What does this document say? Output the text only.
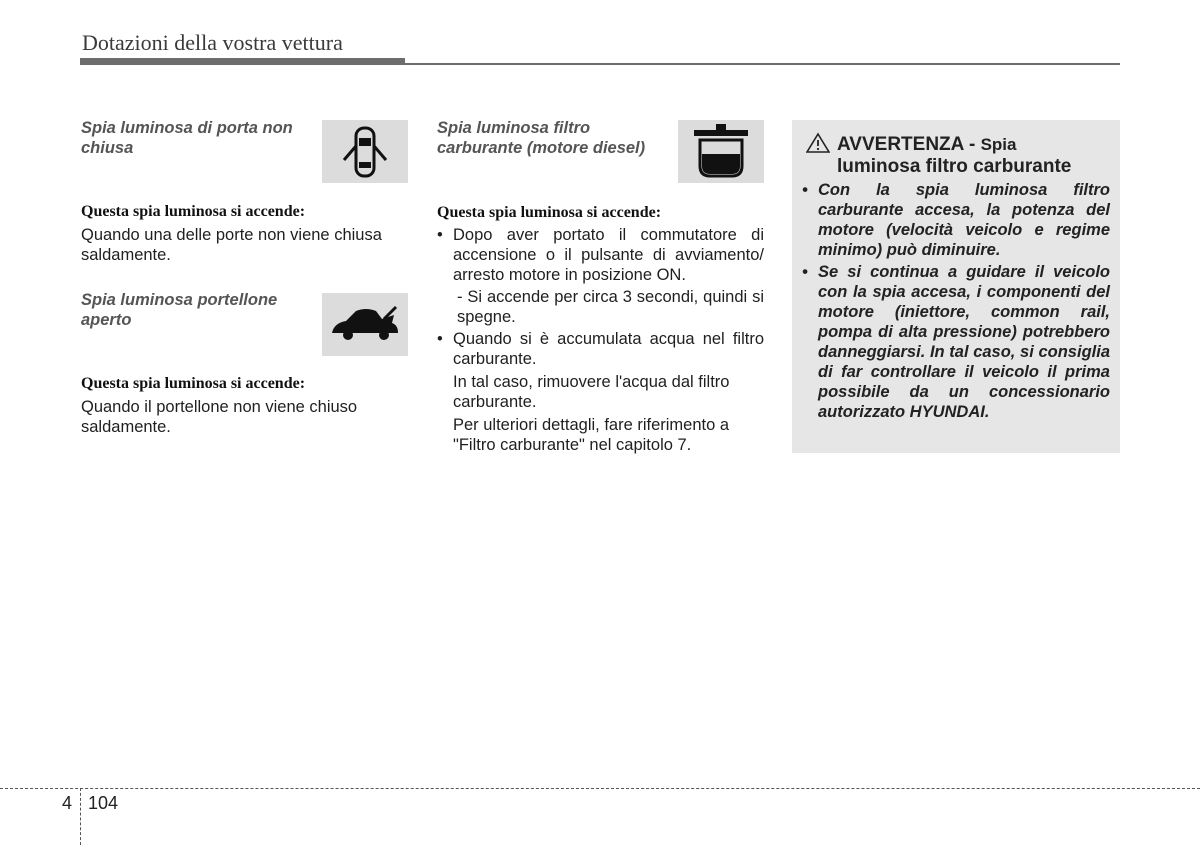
Dotazioni della vostra vettura
Spia luminosa di porta non chiusa
Questa spia luminosa si accende:
Quando una delle porte non viene chiusa saldamente.
Spia luminosa portellone aperto
Questa spia luminosa si accende:
Quando il portellone non viene chiuso saldamente.
Spia luminosa filtro carburante (motore diesel)
Questa spia luminosa si accende:
• Dopo aver portato il commutatore di accensione o il pulsante di avviamento/ arresto motore in posizione ON.
- Si accende per circa 3 secondi, quindi si spegne.
• Quando si è accumulata acqua nel filtro carburante.
In tal caso, rimuovere l'acqua dal filtro carburante.
Per ulteriori dettagli, fare riferimento a "Filtro carburante" nel capitolo 7.
AVVERTENZA - Spia
luminosa filtro carburante
• Con la spia luminosa filtro carburante accesa, la potenza del motore (velocità veicolo e regime minimo) può diminuire.
• Se si continua a guidare il veicolo con la spia accesa, i componenti del motore (iniettore, common rail, pompa di alta pressione) potrebbero danneggiarsi. In tal caso, si consiglia di far controllare il veicolo il prima possibile da un concessionario autorizzato HYUNDAI.
4 104
